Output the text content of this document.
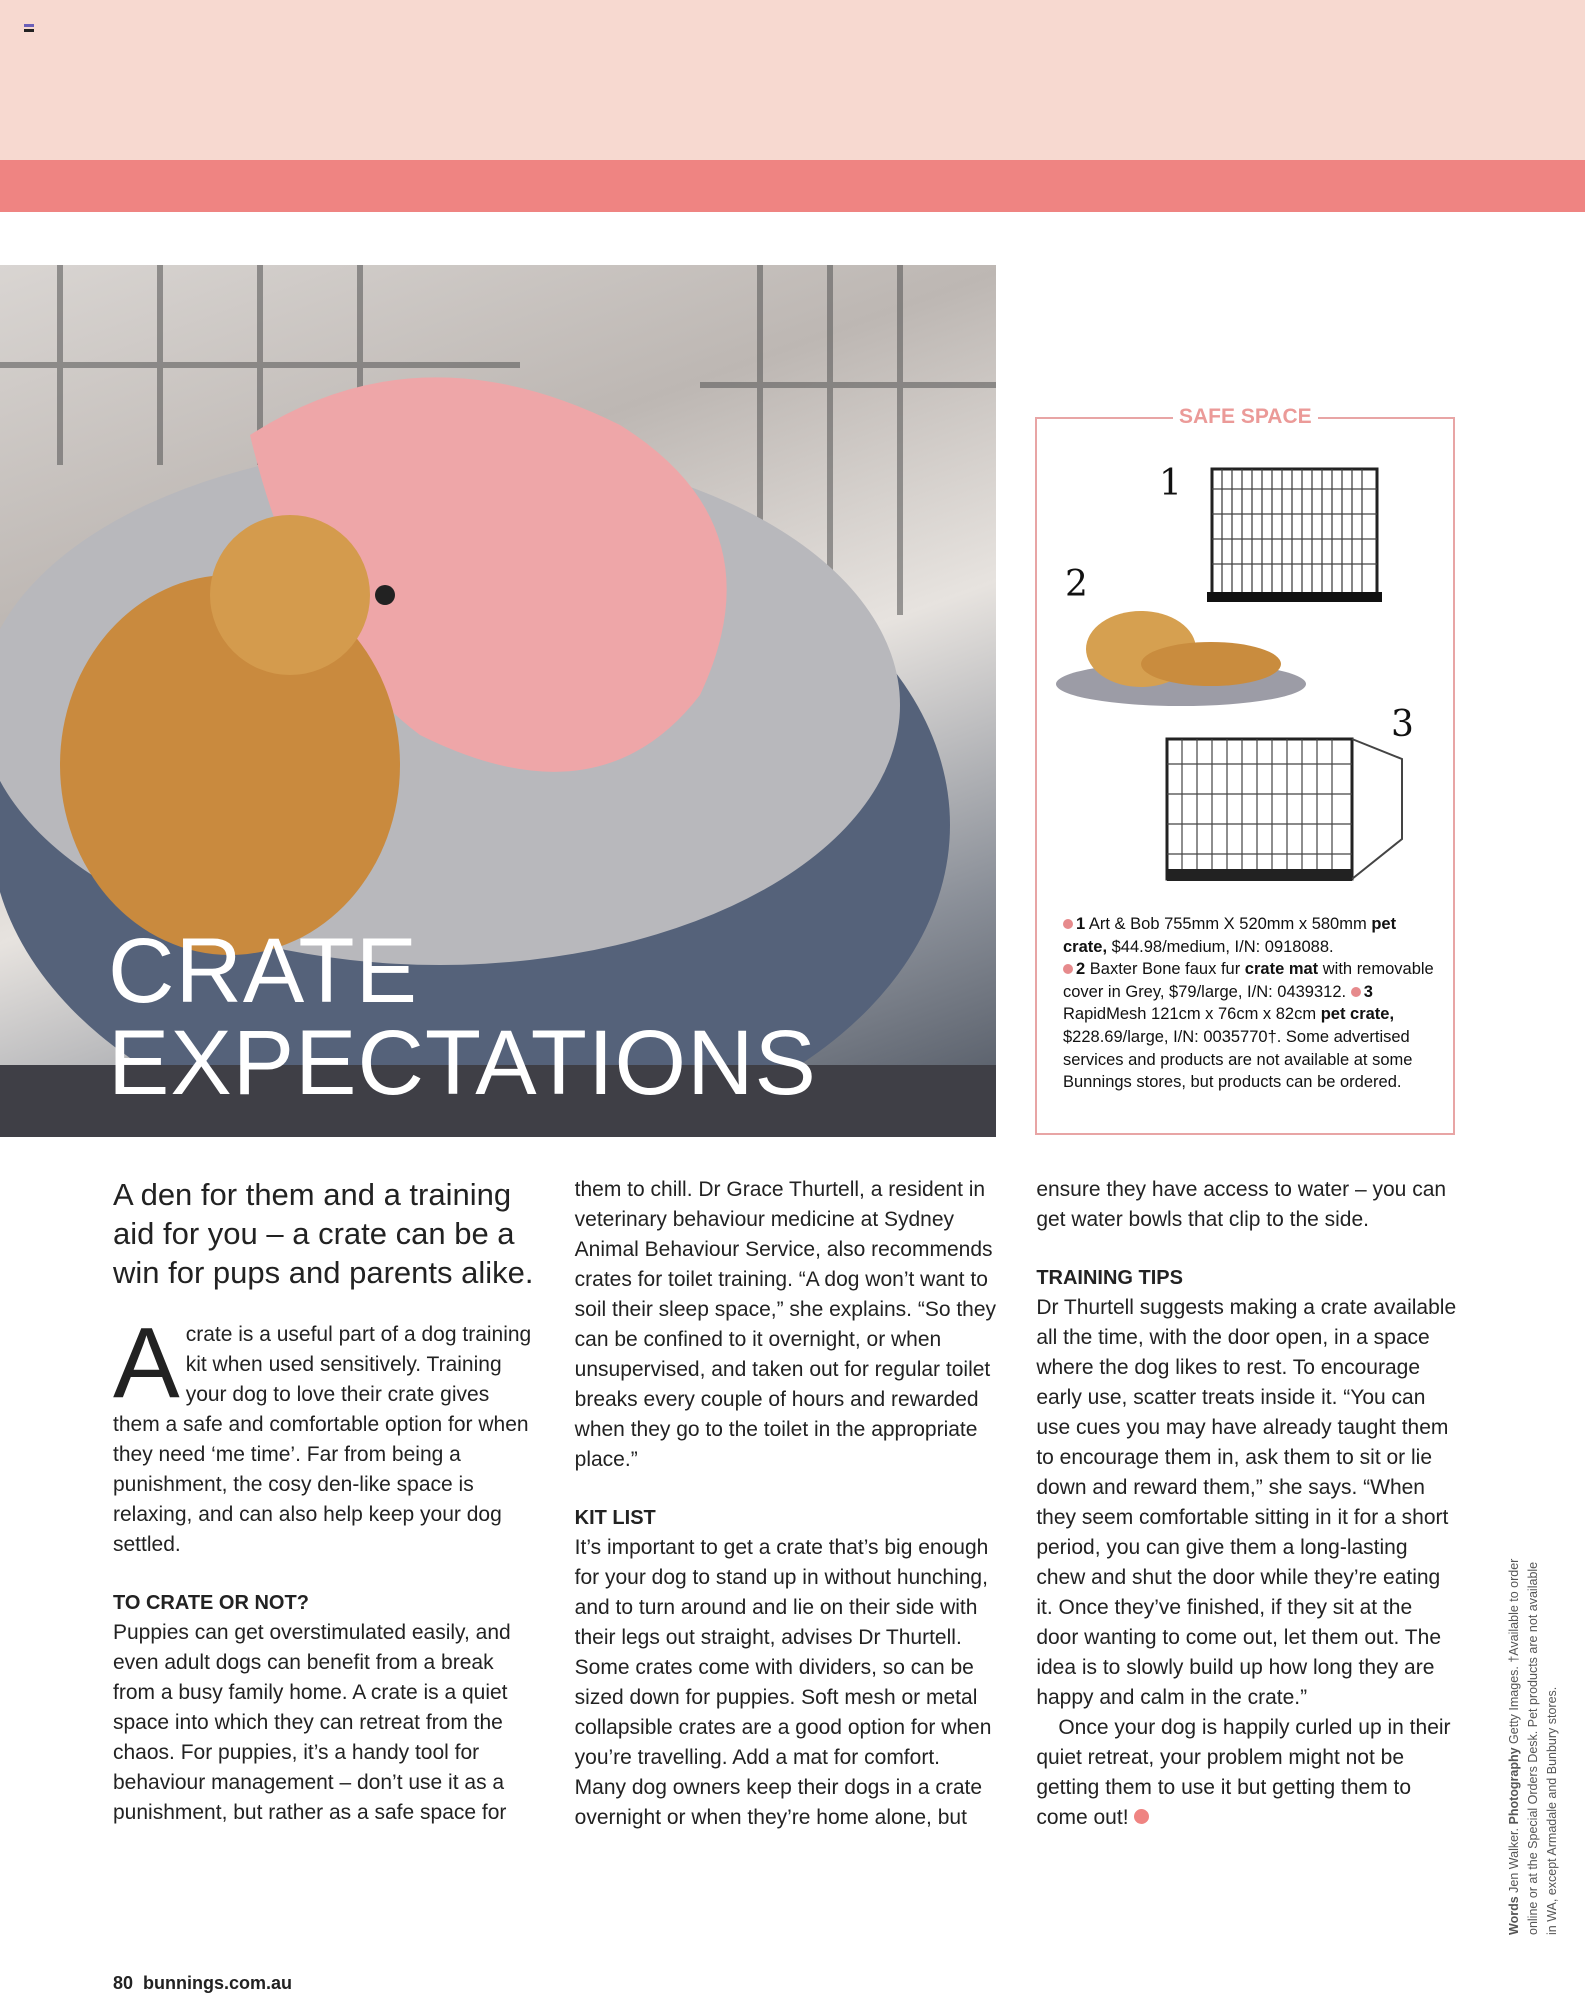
CRATE
EXPECTATIONS
SAFE SPACE
1
2
3
1 Art & Bob 755mm X 520mm x 580mm pet crate, $44.98/medium, I/N: 0918088.
2 Baxter Bone faux fur crate mat with removable cover in Grey, $79/large, I/N: 0439312. 3 RapidMesh 121cm x 76cm x 82cm pet crate, $228.69/large, I/N: 0035770†. Some advertised services and products are not available at some Bunnings stores, but products can be ordered.
A den for them and a training aid for you – a crate can be a win for pups and parents alike.
Acrate is a useful part of a dog training kit when used sensitively. Training your dog to love their crate gives them a safe and comfortable option for when they need ‘me time’. Far from being a punishment, the cosy den-like space is relaxing, and can also help keep your dog settled.
TO CRATE OR NOT?
Puppies can get overstimulated easily, and even adult dogs can benefit from a break from a busy family home. A crate is a quiet space into which they can retreat from the chaos. For puppies, it’s a handy tool for behaviour management – don’t use it as a punishment, but rather as a safe space for them to chill. Dr Grace Thurtell, a resident in veterinary behaviour medicine at Sydney Animal Behaviour Service, also recommends crates for toilet training. “A dog won’t want to soil their sleep space,” she explains. “So they can be confined to it overnight, or when unsupervised, and taken out for regular toilet breaks every couple of hours and rewarded when they go to the toilet in the appropriate place.”
KIT LIST
It’s important to get a crate that’s big enough for your dog to stand up in without hunching, and to turn around and lie on their side with their legs out straight, advises Dr Thurtell. Some crates come with dividers, so can be sized down for puppies. Soft mesh or metal collapsible crates are a good option for when you’re travelling. Add a mat for comfort. Many dog owners keep their dogs in a crate overnight or when they’re home alone, but ensure they have access to water – you can get water bowls that clip to the side.
TRAINING TIPS
Dr Thurtell suggests making a crate available all the time, with the door open, in a space where the dog likes to rest. To encourage early use, scatter treats inside it. “You can use cues you may have already taught them to encourage them in, ask them to sit or lie down and reward them,” she says. “When they seem comfortable sitting in it for a short period, you can give them a long-lasting chew and shut the door while they’re eating it. Once they’ve finished, if they sit at the door wanting to come out, let them out. The idea is to slowly build up how long they are happy and calm in the crate.”
Once your dog is happily curled up in their quiet retreat, your problem might not be getting them to use it but getting them to come out!
Words Jen Walker. Photography Getty Images. †Available to order online or at the Special Orders Desk. Pet products are not available in WA, except Armadale and Bunbury stores.
80 bunnings.com.au
